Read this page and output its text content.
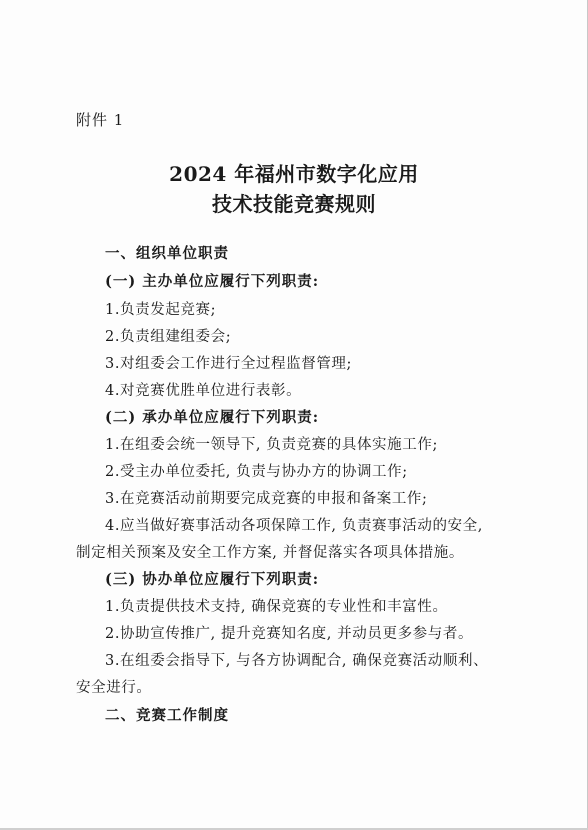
附件 1
2024 年福州市数字化应用
技术技能竞赛规则
一、组织单位职责
(一) 主办单位应履行下列职责:
1.负责发起竞赛;
2.负责组建组委会;
3.对组委会工作进行全过程监督管理;
4.对竞赛优胜单位进行表彰。
(二) 承办单位应履行下列职责:
1.在组委会统一领导下, 负责竞赛的具体实施工作;
2.受主办单位委托, 负责与协办方的协调工作;
3.在竞赛活动前期要完成竞赛的申报和备案工作;
4.应当做好赛事活动各项保障工作, 负责赛事活动的安全,
制定相关预案及安全工作方案, 并督促落实各项具体措施。
(三) 协办单位应履行下列职责:
1.负责提供技术支持, 确保竞赛的专业性和丰富性。
2.协助宣传推广, 提升竞赛知名度, 并动员更多参与者。
3.在组委会指导下, 与各方协调配合, 确保竞赛活动顺利、
安全进行。
二、竞赛工作制度
